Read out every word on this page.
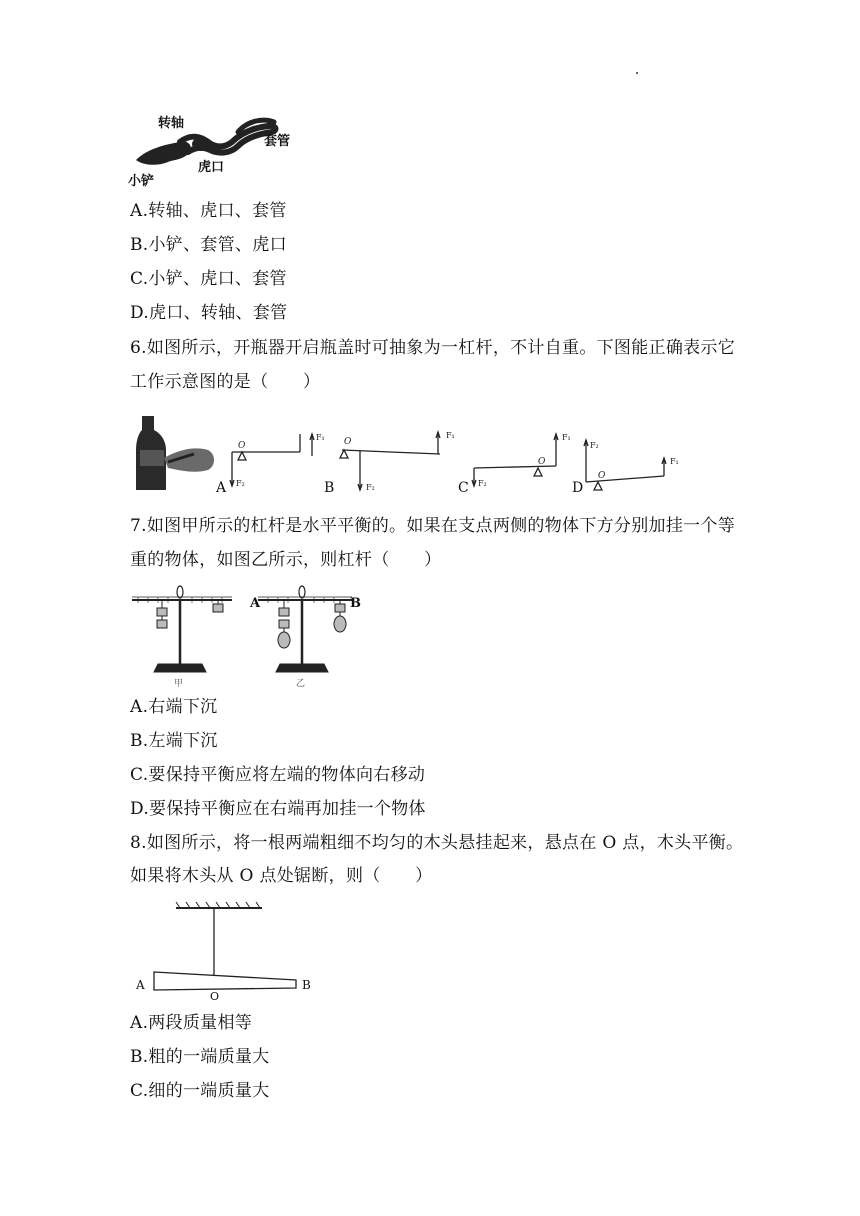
转轴
套管
虎口
小铲
A.转轴、虎口、套管
B.小铲、套管、虎口
C.小铲、虎口、套管
D.虎口、转轴、套管
6.如图所示，开瓶器开启瓶盖时可抽象为一杠杆，不计自重。下图能正确表示它
工作示意图的是（　　）
O
F₁
F₂
O
F₁
F₂
O
F₁
F₂
O
F₂
F₁
A	B	C	D
7.如图甲所示的杠杆是水平平衡的。如果在支点两侧的物体下方分别加挂一个等
重的物体，如图乙所示，则杠杆（　　）
A	B
甲	乙
A.右端下沉
B.左端下沉
C.要保持平衡应将左端的物体向右移动
D.要保持平衡应在右端再加挂一个物体
8.如图所示，将一根两端粗细不均匀的木头悬挂起来，悬点在 O 点，木头平衡。
如果将木头从 O 点处锯断，则（　　）
A
O
B
A.两段质量相等
B.粗的一端质量大
C.细的一端质量大
